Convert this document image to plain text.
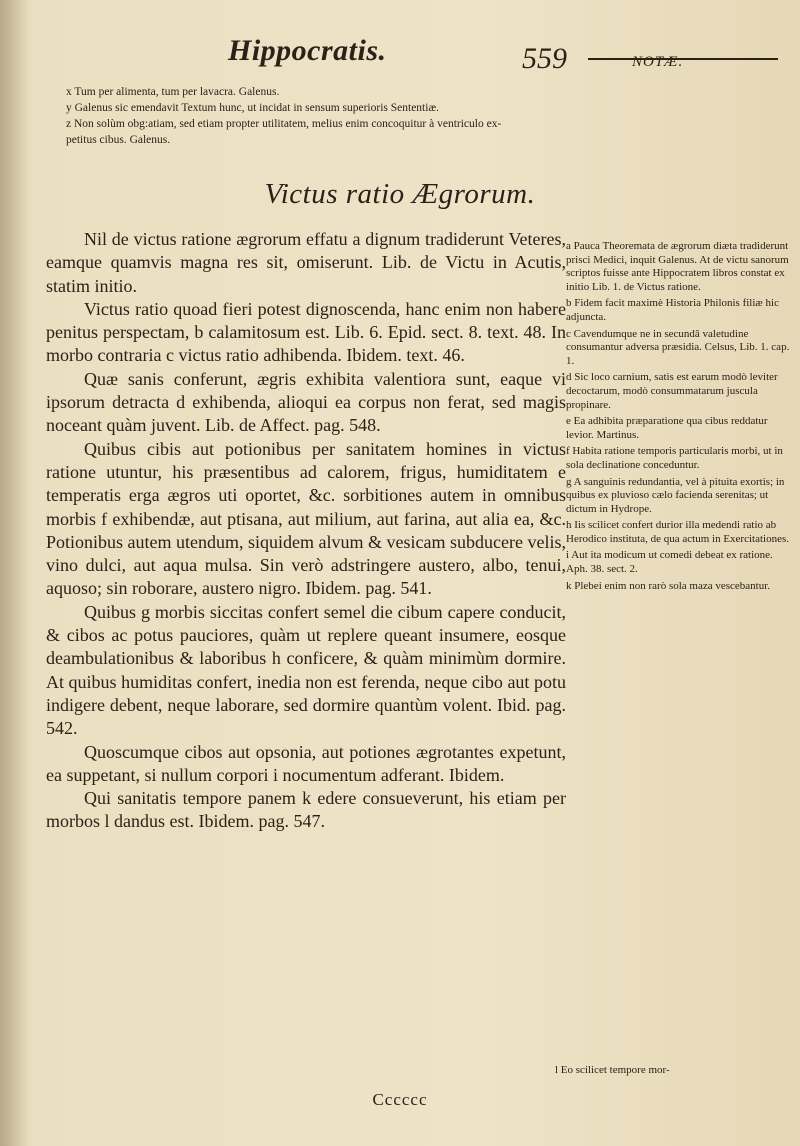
Hippocratis.	559	NOTÆ.

x Tum per alimenta, tum per lavacra. Galenus.

y Galenus sic emendavit Textum hunc, ut incidat in sensum superioris Sententiæ.

z Non solùm obg:atiam, sed etiam propter utilitatem, melius enim concoquitur à ventriculo ex-

petitus cibus. Galenus.

Victus ratio Ægrorum.

Nil de victus ratione ægrorum effatu a dignum tradiderunt Veteres, eamque quamvis magna res sit, omiserunt. Lib. de Victu in Acutis, statim initio.

Victus ratio quoad fieri potest dignoscenda, hanc enim non habere penitus perspectam, b calamitosum est. Lib. 6. Epid. sect. 8. text. 48. In morbo contraria c victus ratio adhibenda. Ibidem. text. 46.

Quæ sanis conferunt, ægris exhibita valentiora sunt, eaque vi ipsorum detracta d exhibenda, alioqui ea corpus non ferat, sed magis noceant quàm juvent. Lib. de Affect. pag. 548.

Quibus cibis aut potionibus per sanitatem homines in victus ratione utuntur, his præsentibus ad calorem, frigus, humiditatem e temperatis erga ægros uti oportet, &c. sorbitiones autem in omnibus morbis f exhibendæ, aut ptisana, aut milium, aut farina, aut alia ea, &c. Potionibus autem utendum, siquidem alvum & vesicam subducere velis, vino dulci, aut aqua mulsa. Sin verò adstringere austero, albo, tenui, aquoso; sin roborare, austero nigro. Ibidem. pag. 541.

Quibus g morbis siccitas confert semel die cibum capere conducit, & cibos ac potus pauciores, quàm ut replere queant insumere, eosque deambulationibus & laboribus h conficere, & quàm minimùm dormire. At quibus humiditas confert, inedia non est ferenda, neque cibo aut potu indigere debent, neque laborare, sed dormire quantùm volent. Ibid. pag. 542.

Quoscumque cibos aut opsonia, aut potiones ægrotantes expetunt, ea suppetant, si nullum corpori i nocumentum adferant. Ibidem.

Qui sanitatis tempore panem k edere consueverunt, his etiam per morbos l dandus est. Ibidem. pag. 547.

a Pauca Theoremata de ægrorum diæta tradiderunt prisci Medici, inquit Galenus. At de victu sanorum scriptos fuisse ante Hippocratem libros constat ex initio Lib. 1. de Victus ratione.

b Fidem facit maximè Historia Philonis filiæ hic adjuncta.

c Cavendumque ne in secundâ valetudine consumantur adversa præsidia. Celsus, Lib. 1. cap. 1.

d Sic loco carnium, satis est earum modò leviter decoctarum, modò consummatarum juscula propinare.

e Ea adhibita præparatione qua cibus reddatur levior. Martinus.

f Habita ratione temporis particularis morbi, ut in sola declinatione conceduntur.

g A sanguinis redundantia, vel à pituita exortis; in quibus ex pluvioso cælo facienda serenitas; ut dictum in Hydrope.

h Iis scilicet confert durior illa medendi ratio ab Herodico instituta, de qua actum in Exercitationes.

i Aut ita modicum ut comedi debeat ex ratione. Aph. 38. sect. 2.

k Plebei enim non rarò sola maza vescebantur.

l Eo scilicet tempore mor-
Cccccc
